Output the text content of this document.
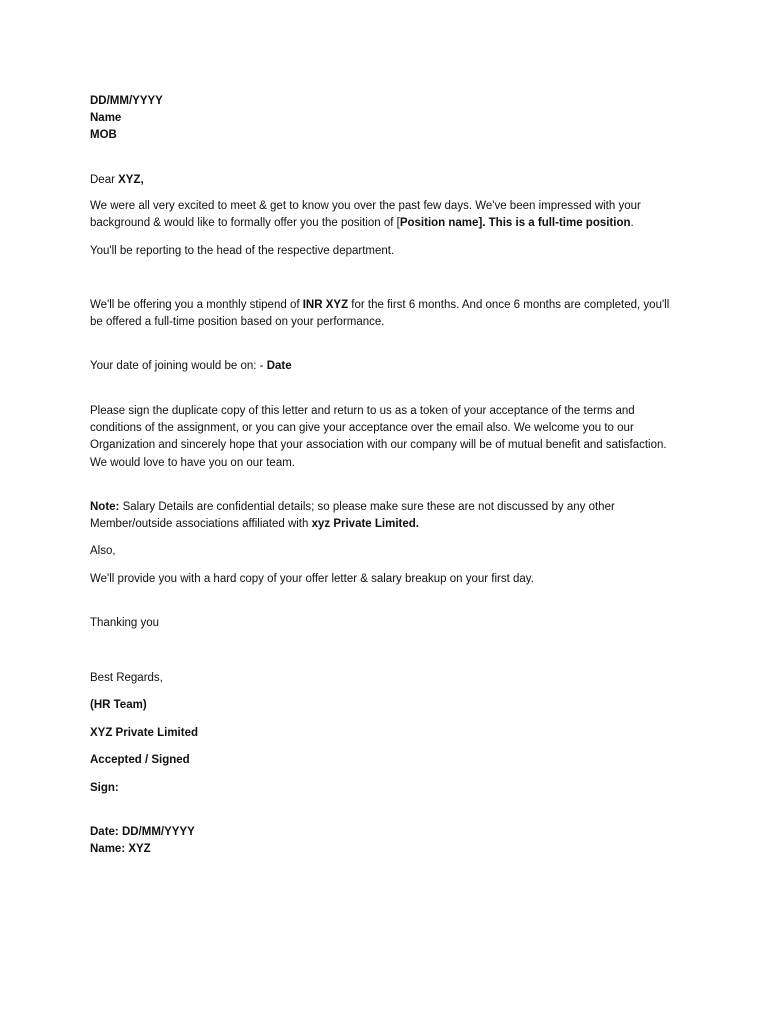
DD/MM/YYYY
Name
MOB
Dear XYZ,
We were all very excited to meet & get to know you over the past few days. We've been impressed with your
background & would like to formally offer you the position of [Position name]. This is a full-time position.
You'll be reporting to the head of the respective department.
We'll be offering you a monthly stipend of INR XYZ for the first 6 months. And once 6 months are completed, you'll
be offered a full-time position based on your performance.
Your date of joining would be on: - Date
Please sign the duplicate copy of this letter and return to us as a token of your acceptance of the terms and
conditions of the assignment, or you can give your acceptance over the email also. We welcome you to our
Organization and sincerely hope that your association with our company will be of mutual benefit and satisfaction.
We would love to have you on our team.
Note: Salary Details are confidential details; so please make sure these are not discussed by any other
Member/outside associations affiliated with xyz Private Limited.
Also,
We'll provide you with a hard copy of your offer letter & salary breakup on your first day.
Thanking you
Best Regards,
(HR Team)
XYZ Private Limited
Accepted / Signed
Sign:
Date: DD/MM/YYYY
Name: XYZ
